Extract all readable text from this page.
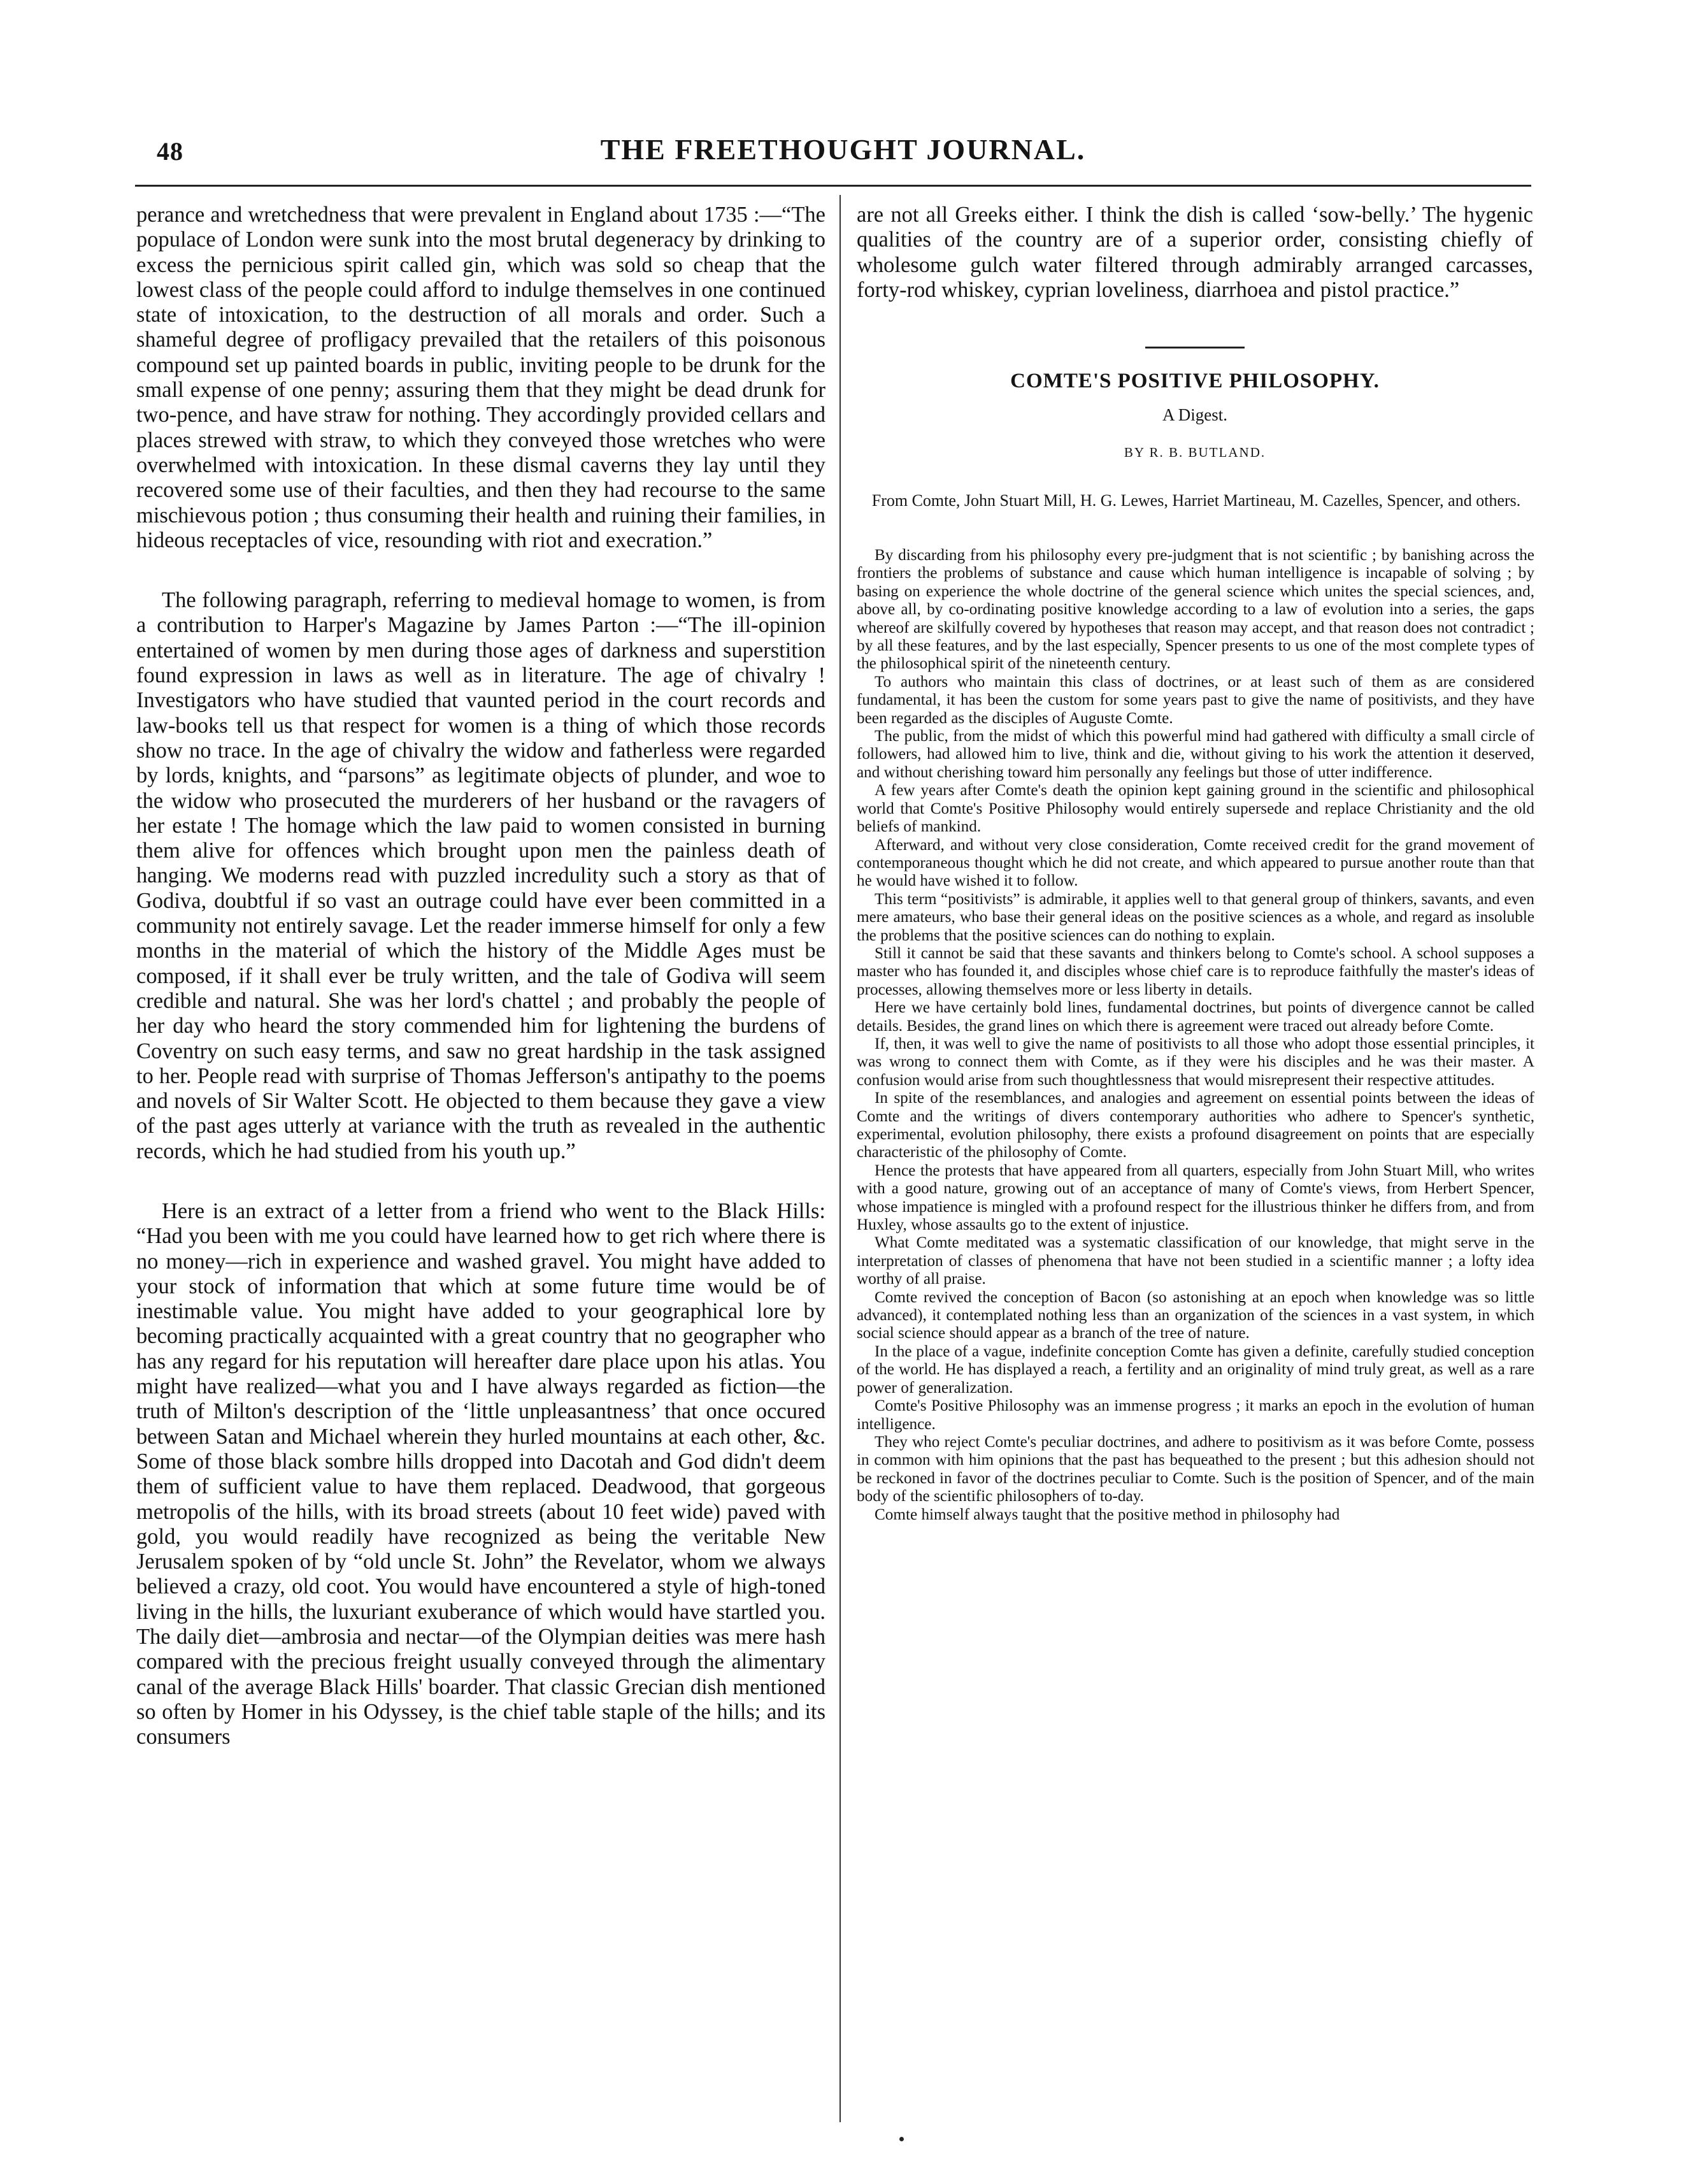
48	THE FREETHOUGHT JOURNAL.

perance and wretchedness that were prevalent in England about 1735 :—“The populace of London were sunk into the most brutal degeneracy by drinking to excess the pernicious spirit called gin, which was sold so cheap that the lowest class of the people could afford to indulge themselves in one continued state of intoxication, to the destruction of all morals and order. Such a shameful degree of profligacy prevailed that the retailers of this poisonous compound set up painted boards in public, inviting people to be drunk for the small expense of one penny; assuring them that they might be dead drunk for two-pence, and have straw for nothing. They accordingly provided cellars and places strewed with straw, to which they conveyed those wretches who were overwhelmed with intoxication. In these dismal caverns they lay until they recovered some use of their faculties, and then they had recourse to the same mischievous potion ; thus consuming their health and ruining their families, in hideous receptacles of vice, resounding with riot and execration.”

The following paragraph, referring to medieval homage to women, is from a contribution to Harper's Magazine by James Parton :—“The ill-opinion entertained of women by men during those ages of darkness and superstition found expression in laws as well as in literature. The age of chivalry ! Investigators who have studied that vaunted period in the court records and law-books tell us that respect for women is a thing of which those records show no trace. In the age of chivalry the widow and fatherless were regarded by lords, knights, and “parsons” as legitimate objects of plunder, and woe to the widow who prosecuted the murderers of her husband or the ravagers of her estate ! The homage which the law paid to women consisted in burning them alive for offences which brought upon men the painless death of hanging. We moderns read with puzzled incredulity such a story as that of Godiva, doubtful if so vast an outrage could have ever been committed in a community not entirely savage. Let the reader immerse himself for only a few months in the material of which the history of the Middle Ages must be composed, if it shall ever be truly written, and the tale of Godiva will seem credible and natural. She was her lord's chattel ; and probably the people of her day who heard the story commended him for lightening the burdens of Coventry on such easy terms, and saw no great hardship in the task assigned to her. People read with surprise of Thomas Jefferson's antipathy to the poems and novels of Sir Walter Scott. He objected to them because they gave a view of the past ages utterly at variance with the truth as revealed in the authentic records, which he had studied from his youth up.”

Here is an extract of a letter from a friend who went to the Black Hills: “Had you been with me you could have learned how to get rich where there is no money—rich in experience and washed gravel. You might have added to your stock of information that which at some future time would be of inestimable value. You might have added to your geographical lore by becoming practically acquainted with a great country that no geographer who has any regard for his reputation will hereafter dare place upon his atlas. You might have realized—what you and I have always regarded as fiction—the truth of Milton's description of the ‘little unpleasantness’ that once occured between Satan and Michael wherein they hurled mountains at each other, &c. Some of those black sombre hills dropped into Dacotah and God didn't deem them of sufficient value to have them replaced. Deadwood, that gorgeous metropolis of the hills, with its broad streets (about 10 feet wide) paved with gold, you would readily have recognized as being the veritable New Jerusalem spoken of by “old uncle St. John” the Revelator, whom we always believed a crazy, old coot. You would have encountered a style of high-toned living in the hills, the luxuriant exuberance of which would have startled you. The daily diet—ambrosia and nectar—of the Olympian deities was mere hash compared with the precious freight usually conveyed through the alimentary canal of the average Black Hills' boarder. That classic Grecian dish mentioned so often by Homer in his Odyssey, is the chief table staple of the hills; and its consumers

are not all Greeks either. I think the dish is called ‘sow-belly.’ The hygenic qualities of the country are of a superior order, consisting chiefly of wholesome gulch water filtered through admirably arranged carcasses, forty-rod whiskey, cyprian loveliness, diarrhoea and pistol practice.”

COMTE'S POSITIVE PHILOSOPHY.
A Digest.
BY R. B. BUTLAND.
From Comte, John Stuart Mill, H. G. Lewes, Harriet Martineau, M. Cazelles, Spencer, and others.

By discarding from his philosophy every pre-judgment that is not scientific ; by banishing across the frontiers the problems of substance and cause which human intelligence is incapable of solving ; by basing on experience the whole doctrine of the general science which unites the special sciences, and, above all, by co-ordinating positive knowledge according to a law of evolution into a series, the gaps whereof are skilfully covered by hypotheses that reason may accept, and that reason does not contradict ; by all these features, and by the last especially, Spencer presents to us one of the most complete types of the philosophical spirit of the nineteenth century.

To authors who maintain this class of doctrines, or at least such of them as are considered fundamental, it has been the custom for some years past to give the name of positivists, and they have been regarded as the disciples of Auguste Comte.

The public, from the midst of which this powerful mind had gathered with difficulty a small circle of followers, had allowed him to live, think and die, without giving to his work the attention it deserved, and without cherishing toward him personally any feelings but those of utter indifference.

A few years after Comte's death the opinion kept gaining ground in the scientific and philosophical world that Comte's Positive Philosophy would entirely supersede and replace Christianity and the old beliefs of mankind.

Afterward, and without very close consideration, Comte received credit for the grand movement of contemporaneous thought which he did not create, and which appeared to pursue another route than that he would have wished it to follow.

This term “positivists” is admirable, it applies well to that general group of thinkers, savants, and even mere amateurs, who base their general ideas on the positive sciences as a whole, and regard as insoluble the problems that the positive sciences can do nothing to explain.

Still it cannot be said that these savants and thinkers belong to Comte's school. A school supposes a master who has founded it, and disciples whose chief care is to reproduce faithfully the master's ideas of processes, allowing themselves more or less liberty in details.

Here we have certainly bold lines, fundamental doctrines, but points of divergence cannot be called details. Besides, the grand lines on which there is agreement were traced out already before Comte.

If, then, it was well to give the name of positivists to all those who adopt those essential principles, it was wrong to connect them with Comte, as if they were his disciples and he was their master. A confusion would arise from such thoughtlessness that would misrepresent their respective attitudes.

In spite of the resemblances, and analogies and agreement on essential points between the ideas of Comte and the writings of divers contemporary authorities who adhere to Spencer's synthetic, experimental, evolution philosophy, there exists a profound disagreement on points that are especially characteristic of the philosophy of Comte.

Hence the protests that have appeared from all quarters, especially from John Stuart Mill, who writes with a good nature, growing out of an acceptance of many of Comte's views, from Herbert Spencer, whose impatience is mingled with a profound respect for the illustrious thinker he differs from, and from Huxley, whose assaults go to the extent of injustice.

What Comte meditated was a systematic classification of our knowledge, that might serve in the interpretation of classes of phenomena that have not been studied in a scientific manner ; a lofty idea worthy of all praise.

Comte revived the conception of Bacon (so astonishing at an epoch when knowledge was so little advanced), it contemplated nothing less than an organization of the sciences in a vast system, in which social science should appear as a branch of the tree of nature.

In the place of a vague, indefinite conception Comte has given a definite, carefully studied conception of the world. He has displayed a reach, a fertility and an originality of mind truly great, as well as a rare power of generalization.

Comte's Positive Philosophy was an immense progress ; it marks an epoch in the evolution of human intelligence.

They who reject Comte's peculiar doctrines, and adhere to positivism as it was before Comte, possess in common with him opinions that the past has bequeathed to the present ; but this adhesion should not be reckoned in favor of the doctrines peculiar to Comte. Such is the position of Spencer, and of the main body of the scientific philosophers of to-day.

Comte himself always taught that the positive method in philosophy had
